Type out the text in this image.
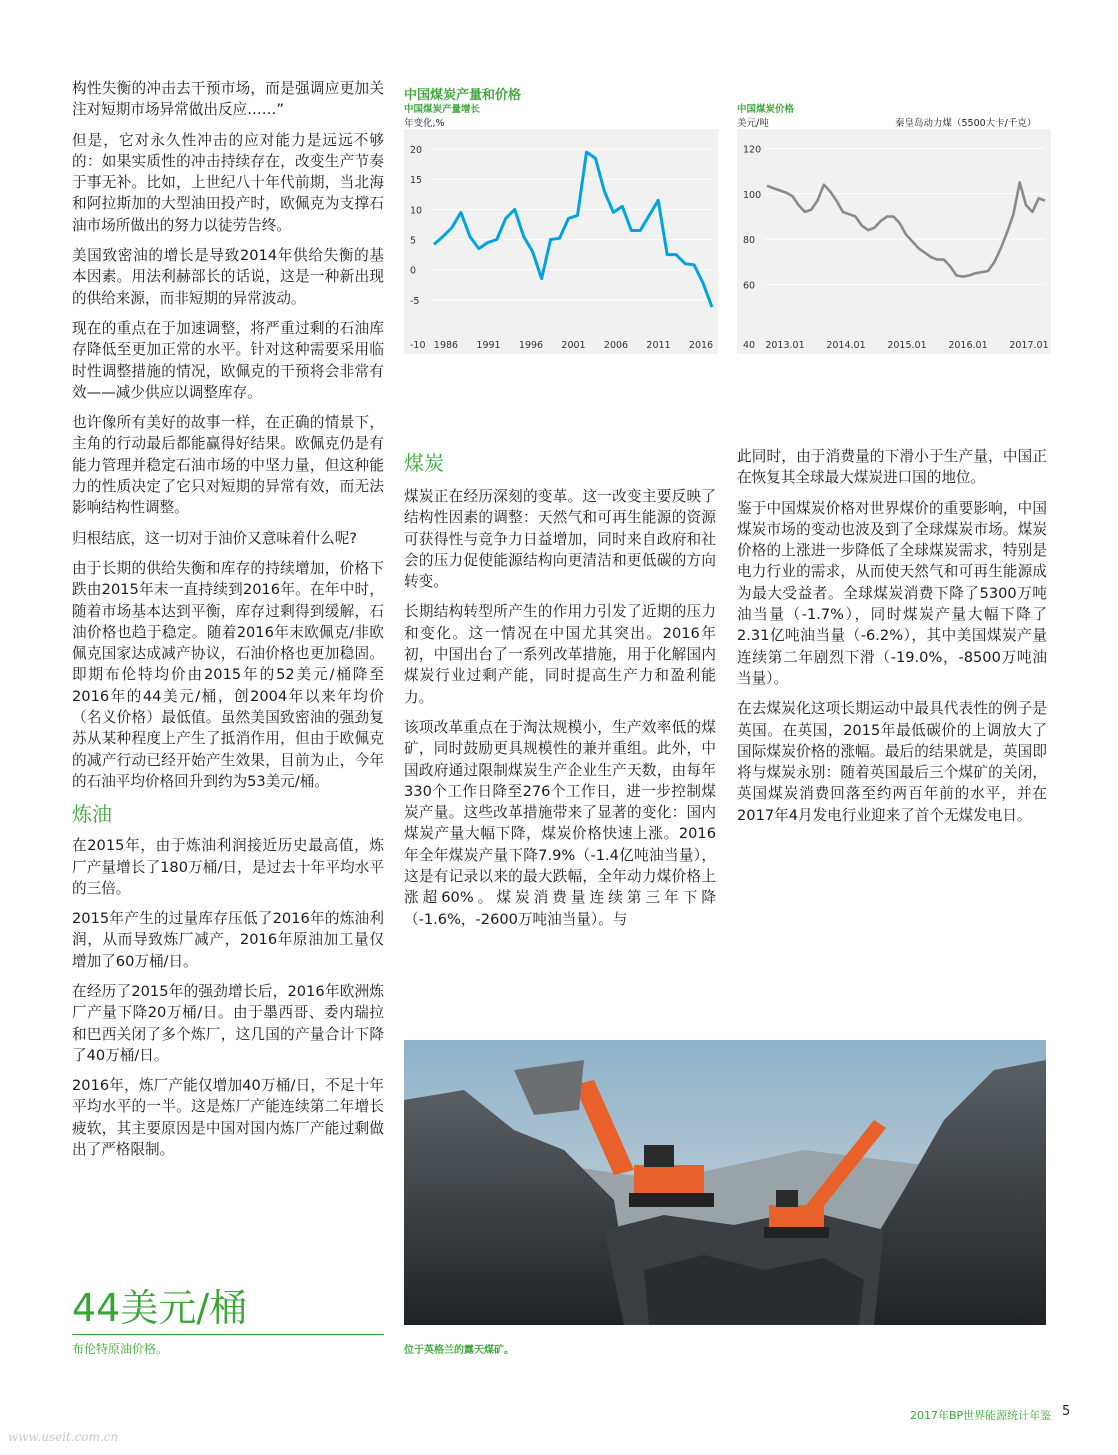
构性失衡的冲击去干预市场，而是强调应更加关注对短期市场异常做出反应……”

但是，它对永久性冲击的应对能力是远远不够的：如果实质性的冲击持续存在，改变生产节奏于事无补。比如，上世纪八十年代前期，当北海和阿拉斯加的大型油田投产时，欧佩克为支撑石油市场所做出的努力以徒劳告终。

美国致密油的增长是导致2014年供给失衡的基本因素。用法利赫部长的话说，这是一种新出现的供给来源，而非短期的异常波动。

现在的重点在于加速调整，将严重过剩的石油库存降低至更加正常的水平。针对这种需要采用临时性调整措施的情况，欧佩克的干预将会非常有效——减少供应以调整库存。

也许像所有美好的故事一样，在正确的情景下，主角的行动最后都能赢得好结果。欧佩克仍是有能力管理并稳定石油市场的中坚力量，但这种能力的性质决定了它只对短期的异常有效，而无法影响结构性调整。

归根结底，这一切对于油价又意味着什么呢?

由于长期的供给失衡和库存的持续增加，价格下跌由2015年末一直持续到2016年。在年中时，随着市场基本达到平衡，库存过剩得到缓解，石油价格也趋于稳定。随着2016年末欧佩克/非欧佩克国家达成减产协议，石油价格也更加稳固。即期布伦特均价由2015年的52美元/桶降至2016年的44美元/桶，创2004年以来年均价（名义价格）最低值。虽然美国致密油的强劲复苏从某种程度上产生了抵消作用，但由于欧佩克的减产行动已经开始产生效果，目前为止，今年的石油平均价格回升到约为53美元/桶。

炼油

在2015年，由于炼油利润接近历史最高值，炼厂产量增长了180万桶/日，是过去十年平均水平的三倍。

2015年产生的过量库存压低了2016年的炼油利润，从而导致炼厂减产，2016年原油加工量仅增加了60万桶/日。

在经历了2015年的强劲增长后，2016年欧洲炼厂产量下降20万桶/日。由于墨西哥、委内瑞拉和巴西关闭了多个炼厂，这几国的产量合计下降了40万桶/日。

2016年，炼厂产能仅增加40万桶/日，不足十年平均水平的一半。这是炼厂产能连续第二年增长疲软，其主要原因是中国对国内炼厂产能过剩做出了严格限制。

中国煤炭产量和价格
中国煤炭产量增长
年变化,%
中国煤炭价格
美元/吨	秦皇岛动力煤（5500大卡/千克）
-10
-5
0
5
10
15
20
1986 1991 1996 2001 2006 2011 2016	40
60
80
100
120
2013.01 2014.01 2015.01 2016.01 2017.01
煤炭

煤炭正在经历深刻的变革。这一改变主要反映了结构性因素的调整：天然气和可再生能源的资源可获得性与竞争力日益增加，同时来自政府和社会的压力促使能源结构向更清洁和更低碳的方向转变。

长期结构转型所产生的作用力引发了近期的压力和变化。这一情况在中国尤其突出。2016年初，中国出台了一系列改革措施，用于化解国内煤炭行业过剩产能，同时提高生产力和盈利能力。

该项改革重点在于淘汰规模小，生产效率低的煤矿，同时鼓励更具规模性的兼并重组。此外，中国政府通过限制煤炭生产企业生产天数，由每年330个工作日降至276个工作日，进一步控制煤炭产量。这些改革措施带来了显著的变化：国内煤炭产量大幅下降，煤炭价格快速上涨。2016年全年煤炭产量下降7.9%（-1.4亿吨油当量），这是有记录以来的最大跌幅，全年动力煤价格上涨超60%。煤炭消费量连续第三年下降（-1.6%，-2600万吨油当量）。与

此同时，由于消费量的下滑小于生产量，中国正在恢复其全球最大煤炭进口国的地位。

鉴于中国煤炭价格对世界煤价的重要影响，中国煤炭市场的变动也波及到了全球煤炭市场。煤炭价格的上涨进一步降低了全球煤炭需求，特别是电力行业的需求，从而使天然气和可再生能源成为最大受益者。全球煤炭消费下降了5300万吨油当量（-1.7%），同时煤炭产量大幅下降了2.31亿吨油当量（-6.2%），其中美国煤炭产量连续第二年剧烈下滑（-19.0%，-8500万吨油当量）。

在去煤炭化这项长期运动中最具代表性的例子是英国。在英国，2015年最低碳价的上调放大了国际煤炭价格的涨幅。最后的结果就是，英国即将与煤炭永别：随着英国最后三个煤矿的关闭，英国煤炭消费回落至约两百年前的水平，并在2017年4月发电行业迎来了首个无煤发电日。

44美元/桶
布伦特原油价格。	位于英格兰的露天煤矿。
2017年BP世界能源统计年鉴 5
www.useit.com.cn
